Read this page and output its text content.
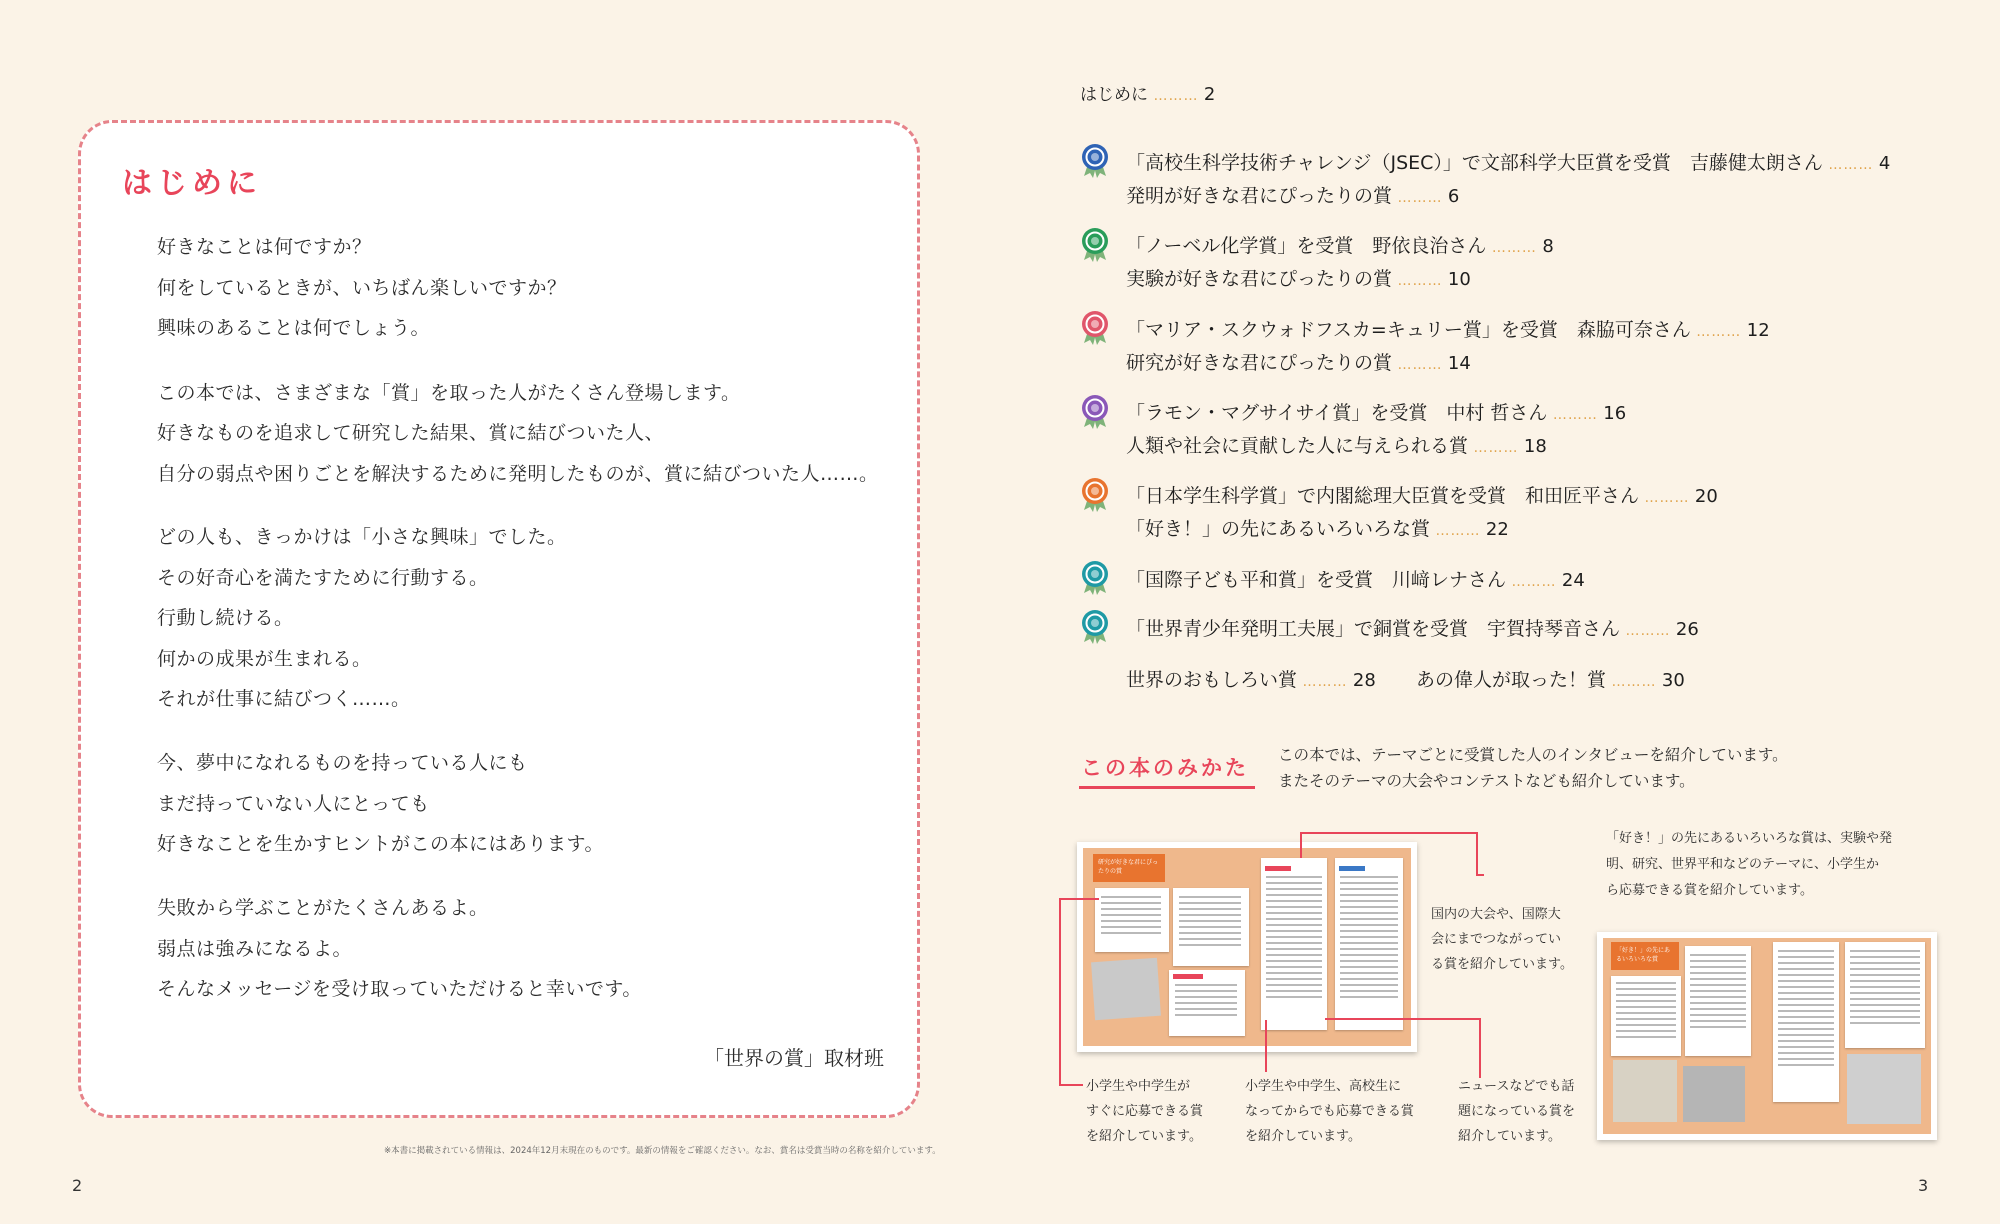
はじめに
好きなことは何ですか？
何をしているときが、いちばん楽しいですか？
興味のあることは何でしょう。
この本では、さまざまな「賞」を取った人がたくさん登場します。
好きなものを追求して研究した結果、賞に結びついた人、
自分の弱点や困りごとを解決するために発明したものが、賞に結びついた人……。
どの人も、きっかけは「小さな興味」でした。
その好奇心を満たすために行動する。
行動し続ける。
何かの成果が生まれる。
それが仕事に結びつく……。
今、夢中になれるものを持っている人にも
まだ持っていない人にとっても
好きなことを生かすヒントがこの本にはあります。
失敗から学ぶことがたくさんあるよ。
弱点は強みになるよ。
そんなメッセージを受け取っていただけると幸いです。
「世界の賞」取材班
※本書に掲載されている情報は、2024年12月末現在のものです。最新の情報をご確認ください。なお、賞名は受賞当時の名称を紹介しています。
2	3
はじめに ……… 2
「高校生科学技術チャレンジ（JSEC）」で文部科学大臣賞を受賞　吉藤健太朗さん ……… 4
発明が好きな君にぴったりの賞 ……… 6
「ノーベル化学賞」を受賞　野依良治さん ……… 8
実験が好きな君にぴったりの賞 ……… 10
「マリア・スクウォドフスカ=キュリー賞」を受賞　森脇可奈さん ……… 12
研究が好きな君にぴったりの賞 ……… 14
「ラモン・マグサイサイ賞」を受賞　中村 哲さん ……… 16
人類や社会に貢献した人に与えられる賞 ……… 18
「日本学生科学賞」で内閣総理大臣賞を受賞　和田匠平さん ……… 20
「好き！」の先にあるいろいろな賞 ……… 22
「国際子ども平和賞」を受賞　川﨑レナさん ……… 24
「世界青少年発明工夫展」で銅賞を受賞　宇賀持琴音さん ……… 26
世界のおもしろい賞 ……… 28 あの偉人が取った！賞 ……… 30
この本のみかた
この本では、テーマごとに受賞した人のインタビューを紹介しています。
またそのテーマの大会やコンテストなども紹介しています。
「好き！」の先にあるいろいろな賞は、実験や発
明、研究、世界平和などのテーマに、小学生か
ら応募できる賞を紹介しています。
研究が好きな君にぴったりの賞
「好き！」の先にあるいろいろな賞
国内の大会や、国際大
会にまでつながってい
る賞を紹介しています。
小学生や中学生が
すぐに応募できる賞
を紹介しています。
小学生や中学生、高校生に
なってからでも応募できる賞
を紹介しています。
ニュースなどでも話
題になっている賞を
紹介しています。
